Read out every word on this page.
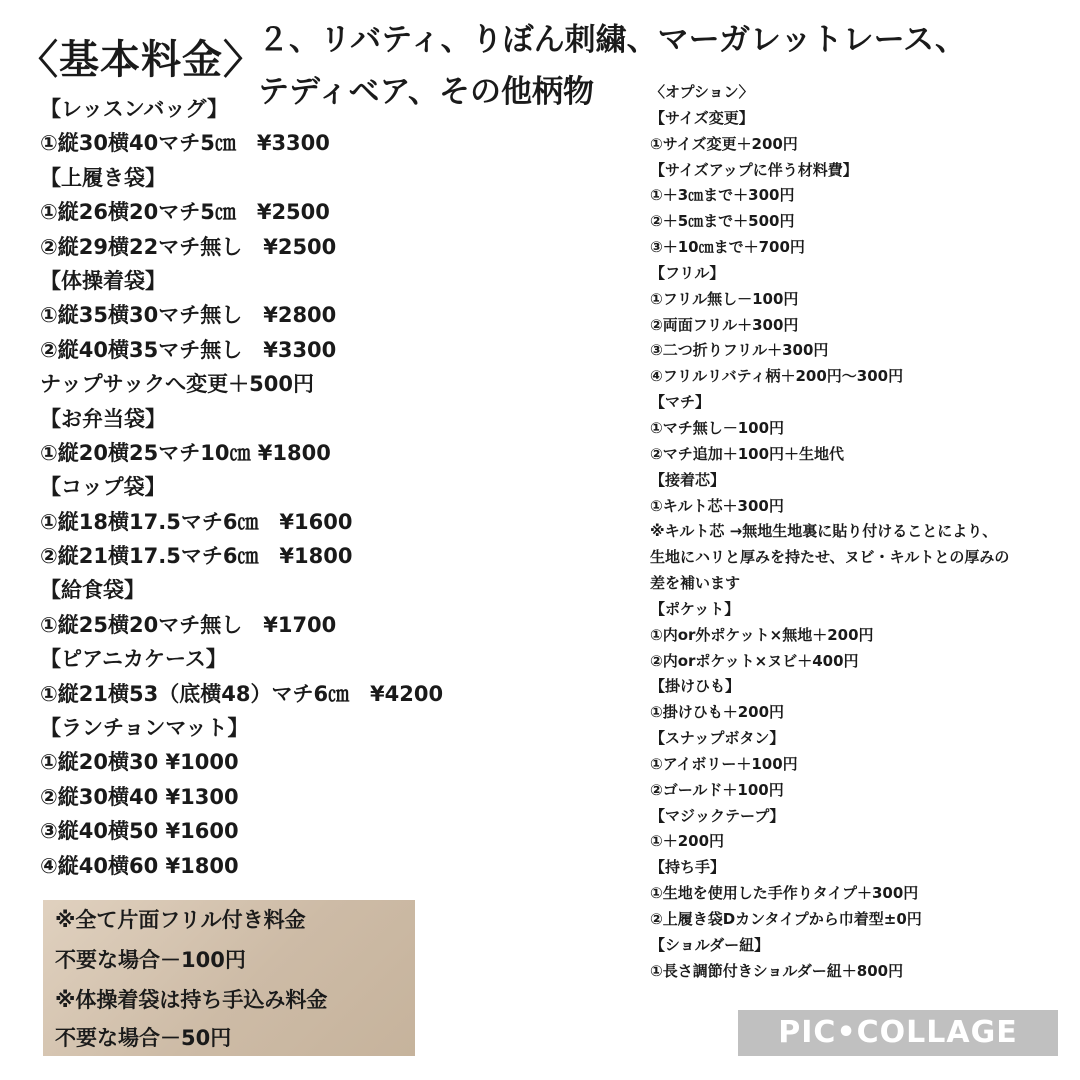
〈基本料金〉
２、リバティ、りぼん刺繍、マーガレットレース、
テディベア、その他柄物
【レッスンバッグ】
①縦30横40マチ5㎝　¥3300
【上履き袋】
①縦26横20マチ5㎝　¥2500
②縦29横22マチ無し　¥2500
【体操着袋】
①縦35横30マチ無し　¥2800
②縦40横35マチ無し　¥3300
ナップサックへ変更＋500円
【お弁当袋】
①縦20横25マチ10㎝ ¥1800
【コップ袋】
①縦18横17.5マチ6㎝　¥1600
②縦21横17.5マチ6㎝　¥1800
【給食袋】
①縦25横20マチ無し　¥1700
【ピアニカケース】
①縦21横53（底横48）マチ6㎝　¥4200
【ランチョンマット】
①縦20横30 ¥1000
②縦30横40 ¥1300
③縦40横50 ¥1600
④縦40横60 ¥1800
※全て片面フリル付き料金
不要な場合－100円
※体操着袋は持ち手込み料金
不要な場合－50円
〈オプション〉
【サイズ変更】
①サイズ変更＋200円
【サイズアップに伴う材料費】
①＋3㎝まで＋300円
②＋5㎝まで＋500円
③＋10㎝まで＋700円
【フリル】
①フリル無し－100円
②両面フリル＋300円
③二つ折りフリル＋300円
④フリルリバティ柄＋200円〜300円
【マチ】
①マチ無し－100円
②マチ追加＋100円＋生地代
【接着芯】
①キルト芯＋300円
※キルト芯 →無地生地裏に貼り付けることにより、
生地にハリと厚みを持たせ、ヌビ・キルトとの厚みの
差を補います
【ポケット】
①内or外ポケット×無地＋200円
②内orポケット×ヌビ＋400円
【掛けひも】
①掛けひも＋200円
【スナップボタン】
①アイボリー＋100円
②ゴールド＋100円
【マジックテープ】
①＋200円
【持ち手】
①生地を使用した手作りタイプ＋300円
②上履き袋Dカンタイプから巾着型±0円
【ショルダー紐】
①長さ調節付きショルダー紐＋800円
PIC•COLLAGE
